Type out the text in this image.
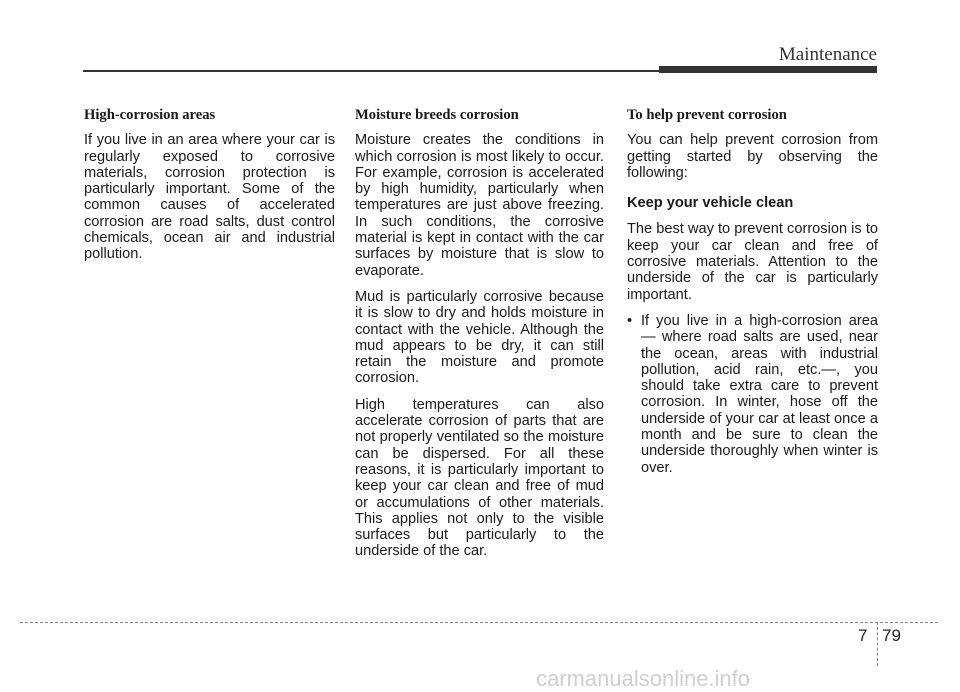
Maintenance
High-corrosion areas

If you live in an area where your car is regularly exposed to corrosive materials, corrosion protection is particularly important. Some of the common causes of accelerated corrosion are road salts, dust control chemicals, ocean air and industrial pollution.

Moisture breeds corrosion

Moisture creates the conditions in which corrosion is most likely to occur. For example, corrosion is accelerated by high humidity, particularly when temperatures are just above freezing. In such conditions, the corrosive material is kept in contact with the car surfaces by moisture that is slow to evaporate.

Mud is particularly corrosive because it is slow to dry and holds moisture in contact with the vehicle. Although the mud appears to be dry, it can still retain the moisture and promote corrosion.

High temperatures can also accelerate corrosion of parts that are not properly ventilated so the moisture can be dispersed. For all these reasons, it is particularly important to keep your car clean and free of mud or accumulations of other materials. This applies not only to the visible surfaces but particularly to the underside of the car.

To help prevent corrosion

You can help prevent corrosion from getting started by observing the following:

Keep your vehicle clean

The best way to prevent corrosion is to keep your car clean and free of corrosive materials. Attention to the underside of the car is particularly important.

• If you live in a high-corrosion area — where road salts are used, near the ocean, areas with industrial pollution, acid rain, etc.—, you should take extra care to prevent corrosion. In winter, hose off the underside of your car at least once a month and be sure to clean the underside thoroughly when winter is over.
7 79
carmanualsonline.info
